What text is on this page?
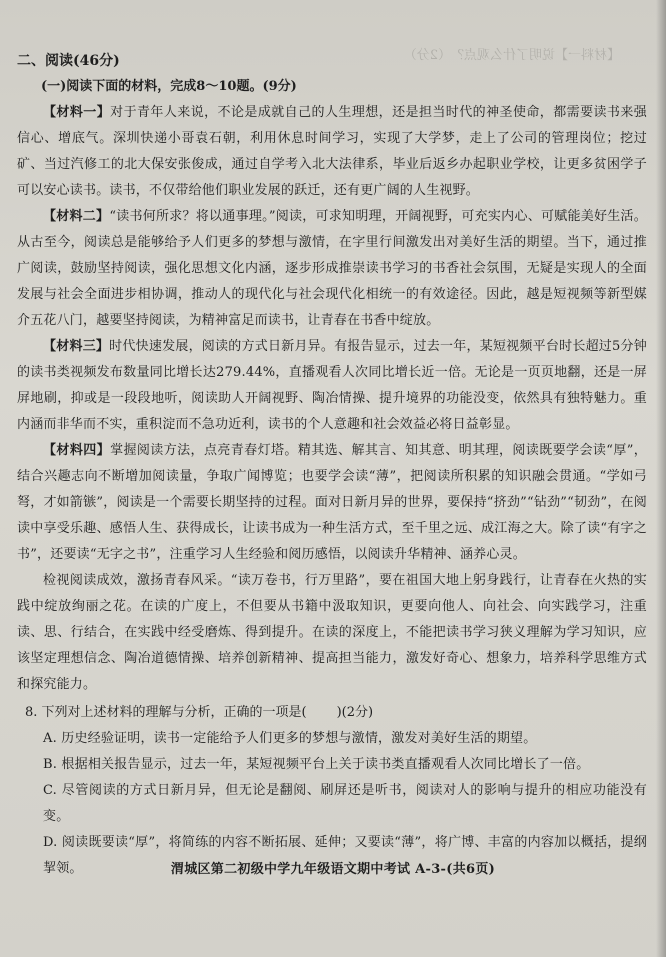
【材料一】说明了什么观点？（2分）
二、阅读(46分)
(一)阅读下面的材料，完成8～10题。(9分)

【材料一】对于青年人来说，不论是成就自己的人生理想，还是担当时代的神圣使命，都需要读书来强信心、增底气。深圳快递小哥袁石朝，利用休息时间学习，实现了大学梦，走上了公司的管理岗位；挖过矿、当过汽修工的北大保安张俊成，通过自学考入北大法律系，毕业后返乡办起职业学校，让更多贫困学子可以安心读书。读书，不仅带给他们职业发展的跃迁，还有更广阔的人生视野。

【材料二】“读书何所求？将以通事理。”阅读，可求知明理，开阔视野，可充实内心、可赋能美好生活。从古至今，阅读总是能够给予人们更多的梦想与激情，在字里行间激发出对美好生活的期望。当下，通过推广阅读，鼓励坚持阅读，强化思想文化内涵，逐步形成推崇读书学习的书香社会氛围，无疑是实现人的全面发展与社会全面进步相协调，推动人的现代化与社会现代化相统一的有效途径。因此，越是短视频等新型媒介五花八门，越要坚持阅读，为精神富足而读书，让青春在书香中绽放。

【材料三】时代快速发展，阅读的方式日新月异。有报告显示，过去一年，某短视频平台时长超过5分钟的读书类视频发布数量同比增长达279.44%，直播观看人次同比增长近一倍。无论是一页页地翻，还是一屏屏地刷，抑或是一段段地听，阅读助人开阔视野、陶冶情操、提升境界的功能没变，依然具有独特魅力。重内涵而非华而不实，重积淀而不急功近利，读书的个人意趣和社会效益必将日益彰显。

【材料四】掌握阅读方法，点亮青春灯塔。精其选、解其言、知其意、明其理，阅读既要学会读“厚”，结合兴趣志向不断增加阅读量，争取广闻博览；也要学会读“薄”，把阅读所积累的知识融会贯通。“学如弓弩，才如箭镞”，阅读是一个需要长期坚持的过程。面对日新月异的世界，要保持“挤劲”“钻劲”“韧劲”，在阅读中享受乐趣、感悟人生、获得成长，让读书成为一种生活方式，至千里之远、成江海之大。除了读“有字之书”，还要读“无字之书”，注重学习人生经验和阅历感悟，以阅读升华精神、涵养心灵。

检视阅读成效，激扬青春风采。“读万卷书，行万里路”，要在祖国大地上躬身践行，让青春在火热的实践中绽放绚丽之花。在读的广度上，不但要从书籍中汲取知识，更要向他人、向社会、向实践学习，注重读、思、行结合，在实践中经受磨炼、得到提升。在读的深度上，不能把读书学习狭义理解为学习知识，应该坚定理想信念、陶冶道德情操、培养创新精神、提高担当能力，激发好奇心、想象力，培养科学思维方式和探究能力。

8. 下列对上述材料的理解与分析，正确的一项是( )(2分)

A. 历史经验证明，读书一定能给予人们更多的梦想与激情，激发对美好生活的期望。

B. 根据相关报告显示，过去一年，某短视频平台上关于读书类直播观看人次同比增长了一倍。

C. 尽管阅读的方式日新月异，但无论是翻阅、刷屏还是听书，阅读对人的影响与提升的相应功能没有变。

D. 阅读既要读“厚”，将简练的内容不断拓展、延伸；又要读“薄”，将广博、丰富的内容加以概括，提纲挈领。	渭城区第二初级中学九年级语文期中考试 A-3-(共6页)
